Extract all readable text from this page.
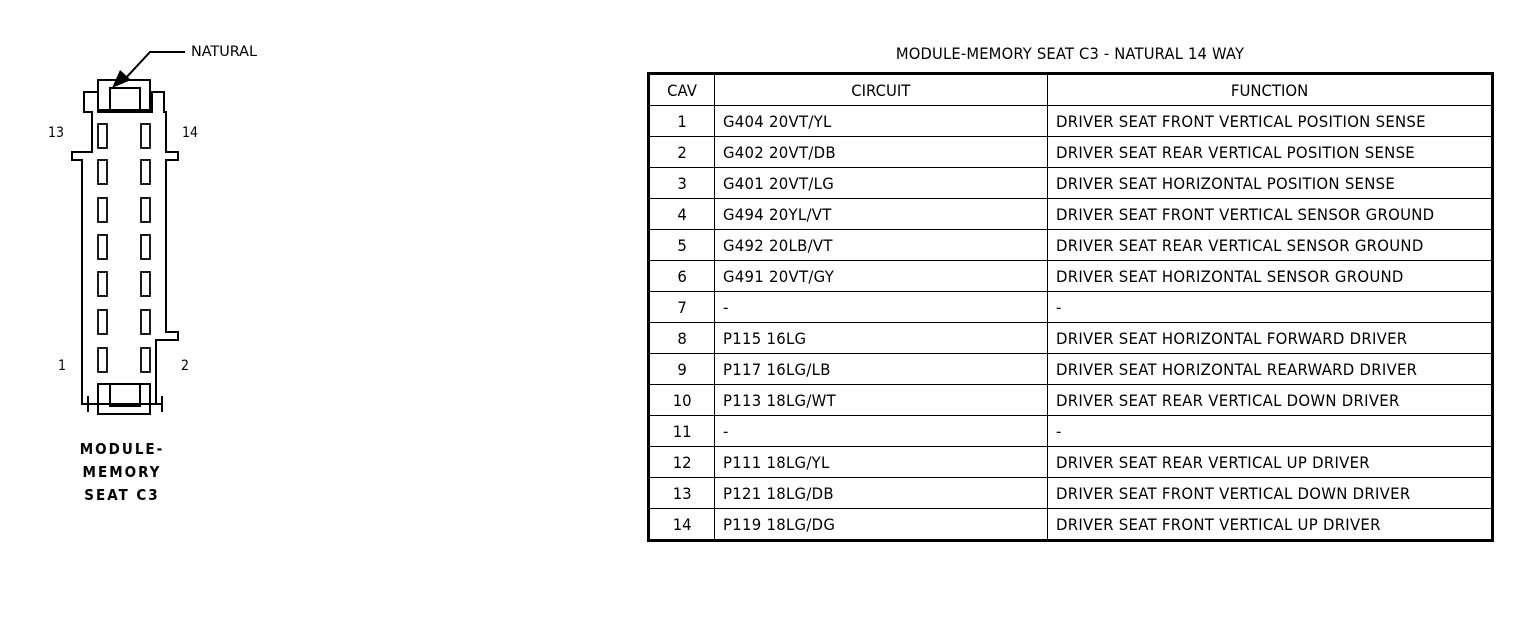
NATURAL
13	14
1	2
MODULE-
MEMORY
SEAT C3
MODULE-MEMORY SEAT C3 - NATURAL 14 WAY
CAV	CIRCUIT	FUNCTION
1	G404 20VT/YL	DRIVER SEAT FRONT VERTICAL POSITION SENSE
2	G402 20VT/DB	DRIVER SEAT REAR VERTICAL POSITION SENSE
3	G401 20VT/LG	DRIVER SEAT HORIZONTAL POSITION SENSE
4	G494 20YL/VT	DRIVER SEAT FRONT VERTICAL SENSOR GROUND
5	G492 20LB/VT	DRIVER SEAT REAR VERTICAL SENSOR GROUND
6	G491 20VT/GY	DRIVER SEAT HORIZONTAL SENSOR GROUND
7	-	-
8	P115 16LG	DRIVER SEAT HORIZONTAL FORWARD DRIVER
9	P117 16LG/LB	DRIVER SEAT HORIZONTAL REARWARD DRIVER
10	P113 18LG/WT	DRIVER SEAT REAR VERTICAL DOWN DRIVER
11	-	-
12	P111 18LG/YL	DRIVER SEAT REAR VERTICAL UP DRIVER
13	P121 18LG/DB	DRIVER SEAT FRONT VERTICAL DOWN DRIVER
14	P119 18LG/DG	DRIVER SEAT FRONT VERTICAL UP DRIVER
